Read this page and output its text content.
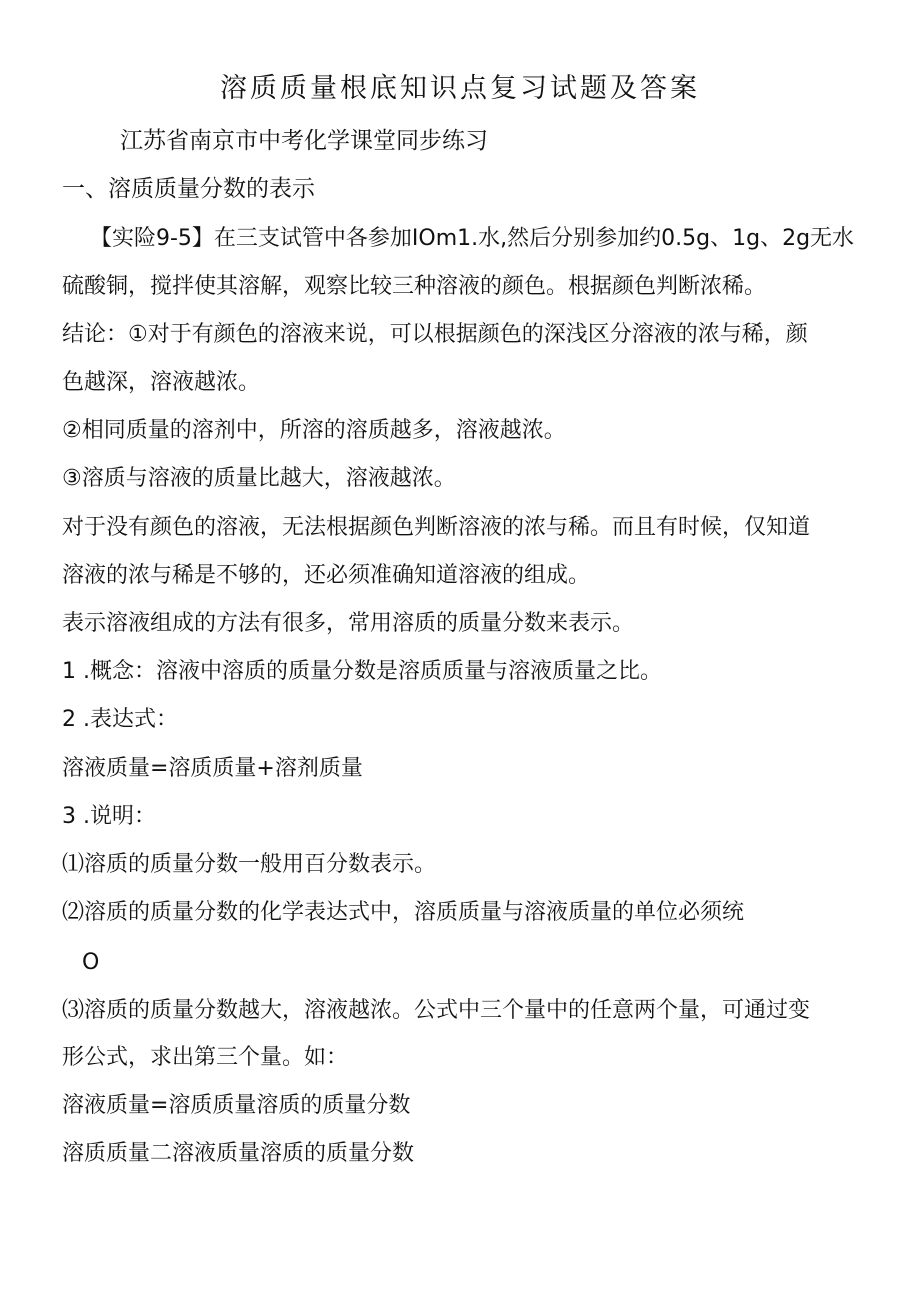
溶质质量根底知识点复习试题及答案
江苏省南京市中考化学课堂同步练习
一、溶质质量分数的表示
【实险9-5】在三支试管中各参加IOm1.水,然后分别参加约0.5g、1g、2g无水
硫酸铜，搅拌使其溶解，观察比较三种溶液的颜色。根据颜色判断浓稀。
结论：①对于有颜色的溶液来说，可以根据颜色的深浅区分溶液的浓与稀，颜
色越深，溶液越浓。
②相同质量的溶剂中，所溶的溶质越多，溶液越浓。
③溶质与溶液的质量比越大，溶液越浓。
对于没有颜色的溶液，无法根据颜色判断溶液的浓与稀。而且有时候，仅知道
溶液的浓与稀是不够的，还必须准确知道溶液的组成。
表示溶液组成的方法有很多，常用溶质的质量分数来表示。
1 .概念：溶液中溶质的质量分数是溶质质量与溶液质量之比。
2 .表达式：
溶液质量=溶质质量+溶剂质量
3 .说明：
⑴溶质的质量分数一般用百分数表示。
⑵溶质的质量分数的化学表达式中，溶质质量与溶液质量的单位必须统
O
⑶溶质的质量分数越大，溶液越浓。公式中三个量中的任意两个量，可通过变
形公式，求出第三个量。如：
溶液质量=溶质质量溶质的质量分数
溶质质量二溶液质量溶质的质量分数
